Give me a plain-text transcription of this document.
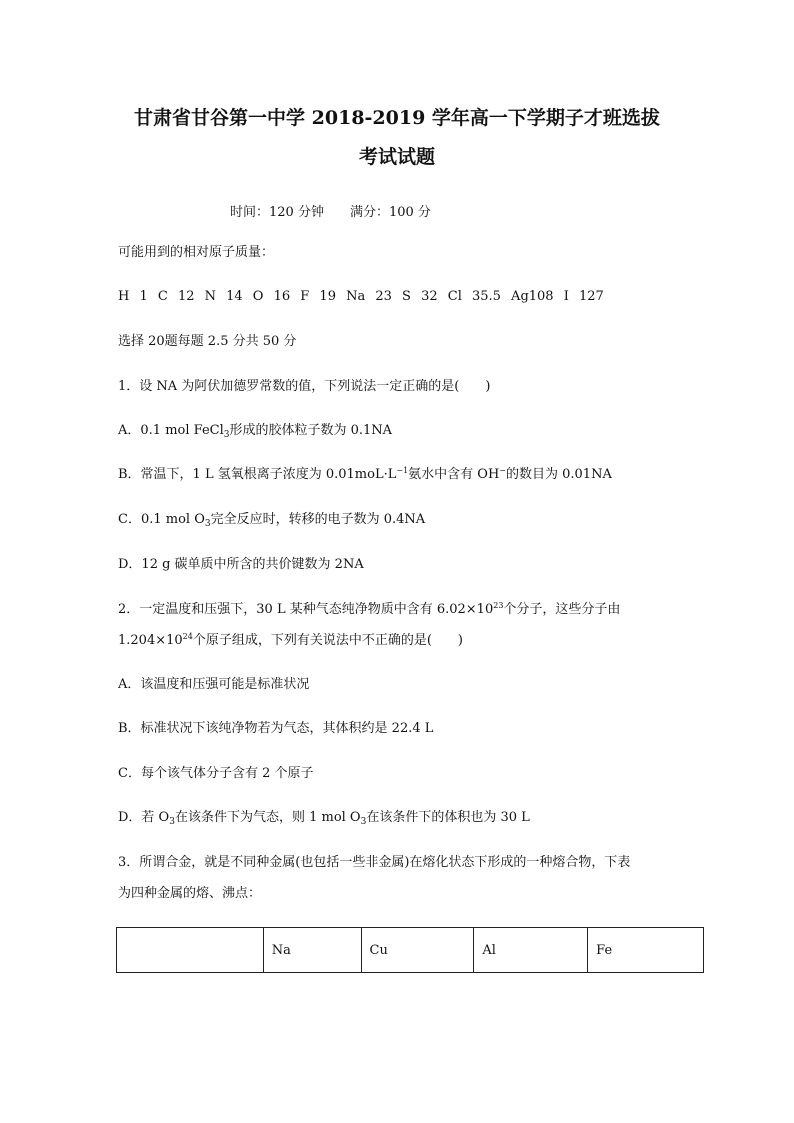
甘肃省甘谷第一中学 2018-2019 学年高一下学期子才班选拔
考试试题
时间：120 分钟 满分：100 分
可能用到的相对原子质量：
H 1 C 12 N 14 O 16 F 19 Na 23 S 32 Cl 35.5 Ag108 I 127
选择 20题每题 2.5 分共 50 分
1．设 NA 为阿伏加德罗常数的值，下列说法一定正确的是(　　)
A．0.1 mol FeCl$_3$形成的胶体粒子数为 0.1NA
B．常温下，1 L 氢氧根离子浓度为 $0.01moL\cdot L^{-1}$氨水中含有 OH−的数目为 0.01NA
C．0.1 mol $O_3$完全反应时，转移的电子数为 0.4NA
D．12 g 碳单质中所含的共价键数为 2NA
2．一定温度和压强下，30 L 某种气态纯净物质中含有 $6.02\times 10^{23}$个分子，这些分子由
$1.204\times 10^{24}$个原子组成，下列有关说法中不正确的是(　　)
A．该温度和压强可能是标准状况
B．标准状况下该纯净物若为气态，其体积约是 22.4 L
C．每个该气体分子含有 2 个原子
D．若 $O_3$在该条件下为气态，则 1 mol $O_3$在该条件下的体积也为 30 L
3．所谓合金，就是不同种金属(也包括一些非金属)在熔化状态下形成的一种熔合物，下表
为四种金属的熔、沸点：
	Na	Cu	Al	Fe
